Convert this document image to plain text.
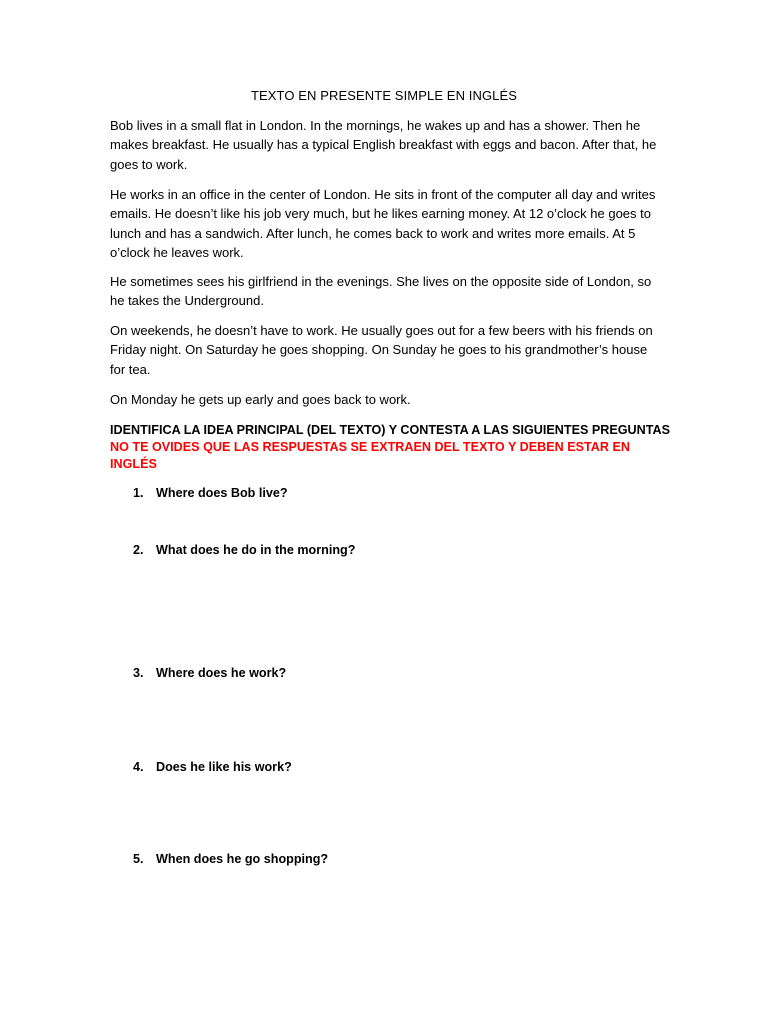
TEXTO EN PRESENTE SIMPLE EN INGLÉS

Bob lives in a small flat in London. In the mornings, he wakes up and has a shower. Then he makes breakfast. He usually has a typical English breakfast with eggs and bacon. After that, he goes to work.

He works in an office in the center of London. He sits in front of the computer all day and writes emails. He doesn’t like his job very much, but he likes earning money. At 12 o’clock he goes to lunch and has a sandwich. After lunch, he comes back to work and writes more emails. At 5 o’clock he leaves work.

He sometimes sees his girlfriend in the evenings. She lives on the opposite side of London, so he takes the Underground.

On weekends, he doesn’t have to work. He usually goes out for a few beers with his friends on Friday night. On Saturday he goes shopping. On Sunday he goes to his grandmother’s house for tea.

On Monday he gets up early and goes back to work.

IDENTIFICA LA IDEA PRINCIPAL (DEL TEXTO) Y CONTESTA A LAS SIGUIENTES PREGUNTAS

NO TE OVIDES QUE LAS RESPUESTAS SE EXTRAEN DEL TEXTO Y DEBEN ESTAR EN INGLÉS

1. Where does Bob live?
2. What does he do in the morning?
3. Where does he work?
4. Does he like his work?
5. When does he go shopping?
